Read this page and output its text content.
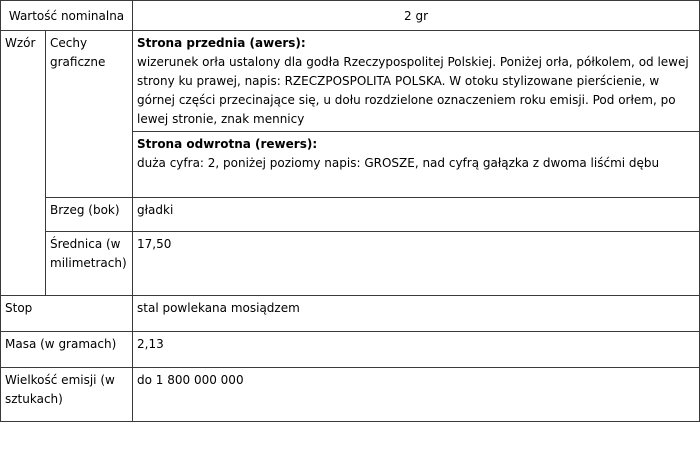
Wartość nominalna		2 gr
Wzór	Cechy graficzne	Strona przednia (awers):
wizerunek orła ustalony dla godła Rzeczypospolitej Polskiej. Poniżej orła, półkolem, od lewej strony ku prawej, napis: RZECZPOSPOLITA POLSKA. W otoku stylizowane pierścienie, w górnej części przecinające się, u dołu rozdzielone oznaczeniem roku emisji. Pod orłem, po lewej stronie, znak mennicy

		Strona odwrotna (rewers):
duża cyfra: 2, poniżej poziomy napis: GROSZE, nad cyfrą gałązka z dwoma liśćmi dębu
	Brzeg (bok)	gładki
	Średnica (w milimetrach)	17,50
Stop		stal powlekana mosiądzem
Masa (w gramach)		2,13
Wielkość emisji (w sztukach)		do 1 800 000 000
